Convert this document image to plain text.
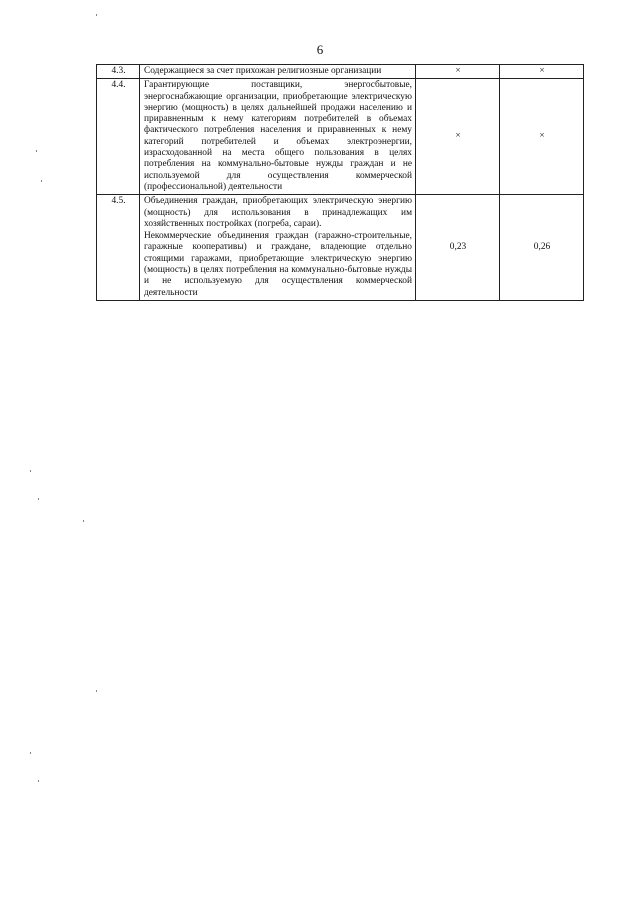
6
4.3.	Содержащиеся за счет прихожан религиозные организации	×	×
4.4.	Гарантирующие поставщики, энергосбытовые, энергоснабжающие организации, приобретающие электрическую энергию (мощность) в целях дальнейшей продажи населению и приравненным к нему категориям потребителей в объемах фактического потребления населения и приравненных к нему категорий потребителей и объемах электроэнергии, израсходованной на места общего пользования в целях потребления на коммунально-бытовые нужды граждан и не используемой для осуществления коммерческой (профессиональной) деятельности	×	×
4.5.	Объединения граждан, приобретающих электрическую энергию (мощность) для использования в принадлежащих им хозяйственных постройках (погреба, сараи).

Некоммерческие объединения граждан (гаражно-строительные, гаражные кооперативы) и граждане, владеющие отдельно стоящими гаражами, приобретающие электрическую энергию (мощность) в целях потребления на коммунально-бытовые нужды и не используемую для осуществления коммерческой деятельности	0,23	0,26
